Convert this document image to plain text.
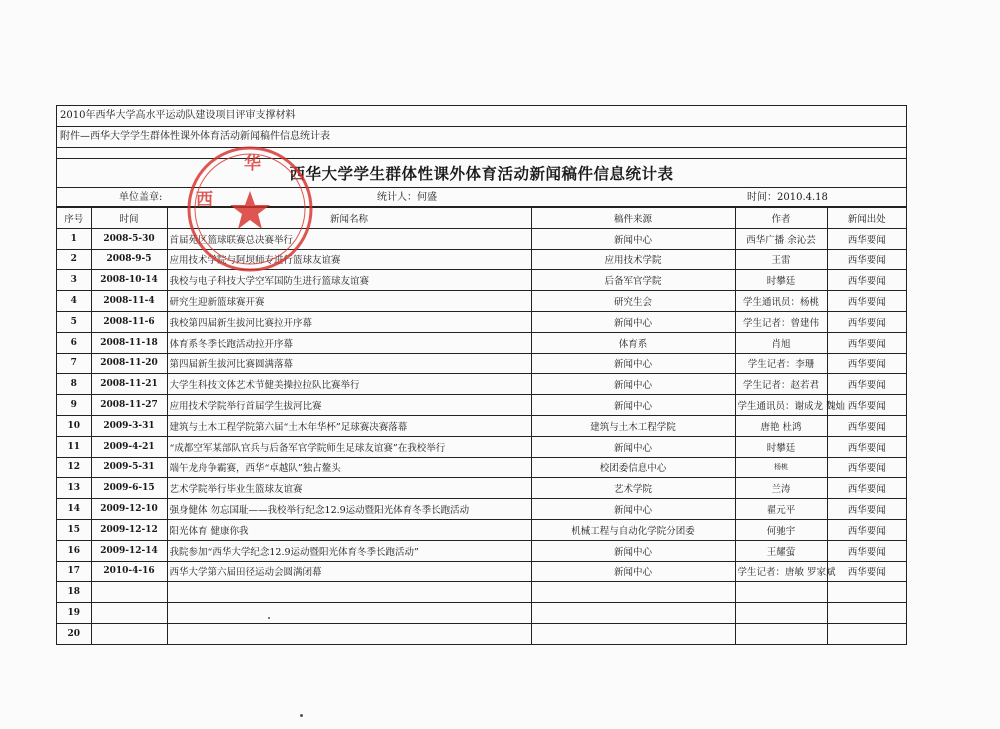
2010年西华大学高水平运动队建设项目评审支撑材料
附件—西华大学学生群体性课外体育活动新闻稿件信息统计表
西华大学学生群体性课外体育活动新闻稿件信息统计表
单位盖章:	统计人：何盛	时间：2010.4.18
序号	时间	新闻名称	稿件来源	作者	新闻出处
1	2008-5-30	首届苑区篮球联赛总决赛举行	新闻中心	西华广播 余沁芸	西华要闻
2	2008-9-5	应用技术学院与阿坝师专进行篮球友谊赛	应用技术学院	王雷	西华要闻
3	2008-10-14	我校与电子科技大学空军国防生进行篮球友谊赛	后备军官学院	时攀廷	西华要闻
4	2008-11-4	研究生迎新篮球赛开赛	研究生会	学生通讯员：杨桃	西华要闻
5	2008-11-6	我校第四届新生拔河比赛拉开序幕	新闻中心	学生记者：曾建伟	西华要闻
6	2008-11-18	体育系冬季长跑活动拉开序幕	体育系	肖旭	西华要闻
7	2008-11-20	第四届新生拔河比赛圆满落幕	新闻中心	学生记者：李珊	西华要闻
8	2008-11-21	大学生科技文体艺术节健美操拉拉队比赛举行	新闻中心	学生记者：赵若君	西华要闻
9	2008-11-27	应用技术学院举行首届学生拔河比赛	新闻中心	学生通讯员：谢成龙 魏灿	西华要闻
10	2009-3-31	建筑与土木工程学院第六届“土木年华杯”足球赛决赛落幕	建筑与土木工程学院	唐艳 杜鸿	西华要闻
11	2009-4-21	“成都空军某部队官兵与后备军官学院师生足球友谊赛”在我校举行	新闻中心	时攀廷	西华要闻
12	2009-5-31	端午龙舟争霸赛，西华“卓越队”独占鳌头	校团委信息中心	杨桃	西华要闻
13	2009-6-15	艺术学院举行毕业生篮球友谊赛	艺术学院	兰涛	西华要闻
14	2009-12-10	强身健体 勿忘国耻——我校举行纪念12.9运动暨阳光体育冬季长跑活动	新闻中心	翟元平	西华要闻
15	2009-12-12	阳光体育 健康你我	机械工程与自动化学院分团委	何驰宇	西华要闻
16	2009-12-14	我院参加“西华大学纪念12.9运动暨阳光体育冬季长跑活动”	新闻中心	王耀萤	西华要闻
17	2010-4-16	西华大学第六届田径运动会圆满闭幕	新闻中心	学生记者：唐敏 罗家斌	西华要闻
18					
19					
20					
华
西
